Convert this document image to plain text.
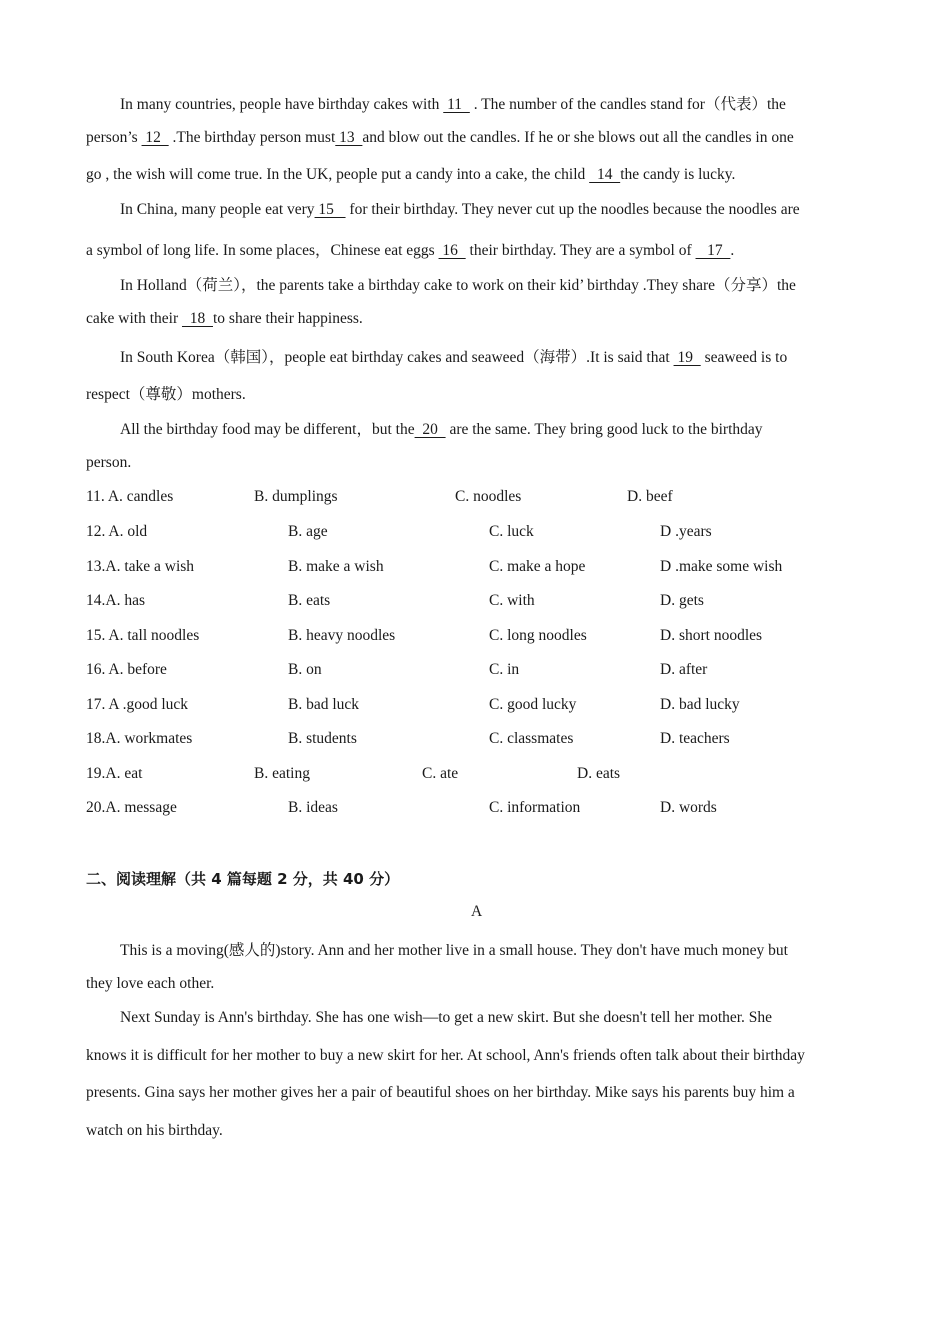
In many countries, people have birthday cakes with  11   . The number of the candles stand for（代表）the
person’s  12   .The birthday person must 13  and blow out the candles. If he or she blows out all the candles in one
go , the wish will come true. In the UK, people put a candy into a cake, the child   14  the candy is lucky.
In China, many people eat very 15    for their birthday. They never cut up the noodles because the noodles are
a symbol of long life. In some places，Chinese eat eggs  16   their birthday. They are a symbol of    17  .
In Holland（荷兰），the parents take a birthday cake to work on their kid’ birthday .They share（分享）the
cake with their   18  to share their happiness.
In South Korea（韩国），people eat birthday cakes and seaweed（海带）.It is said that  19   seaweed is to
respect（尊敬）mothers.
All the birthday food may be different，but the  20   are the same. They bring good luck to the birthday
person.
11. A. candles	B. dumplings	C. noodles	D. beef
12. A. old	B. age	C. luck	D .years
13.A. take a wish	B. make a wish	C. make a hope	D .make some wish
14.A. has	B. eats	C. with	D. gets
15. A. tall noodles	B. heavy noodles	C. long noodles	D. short noodles
16. A. before	B. on	C. in	D. after
17. A .good luck	B. bad luck	C. good lucky	D. bad lucky
18.A. workmates	B. students	C. classmates	D. teachers
19.A. eat	B. eating	C. ate	D. eats
20.A. message	B. ideas	C. information	D. words
二、阅读理解（共 4 篇每题 2 分，共 40 分）
A
This is a moving(感人的)story. Ann and her mother live in a small house. They don't have much money but
they love each other.
Next Sunday is Ann's birthday. She has one wish—to get a new skirt. But she doesn't tell her mother. She
knows it is difficult for her mother to buy a new skirt for her. At school, Ann's friends often talk about their birthday
presents. Gina says her mother gives her a pair of beautiful shoes on her birthday. Mike says his parents buy him a
watch on his birthday.
